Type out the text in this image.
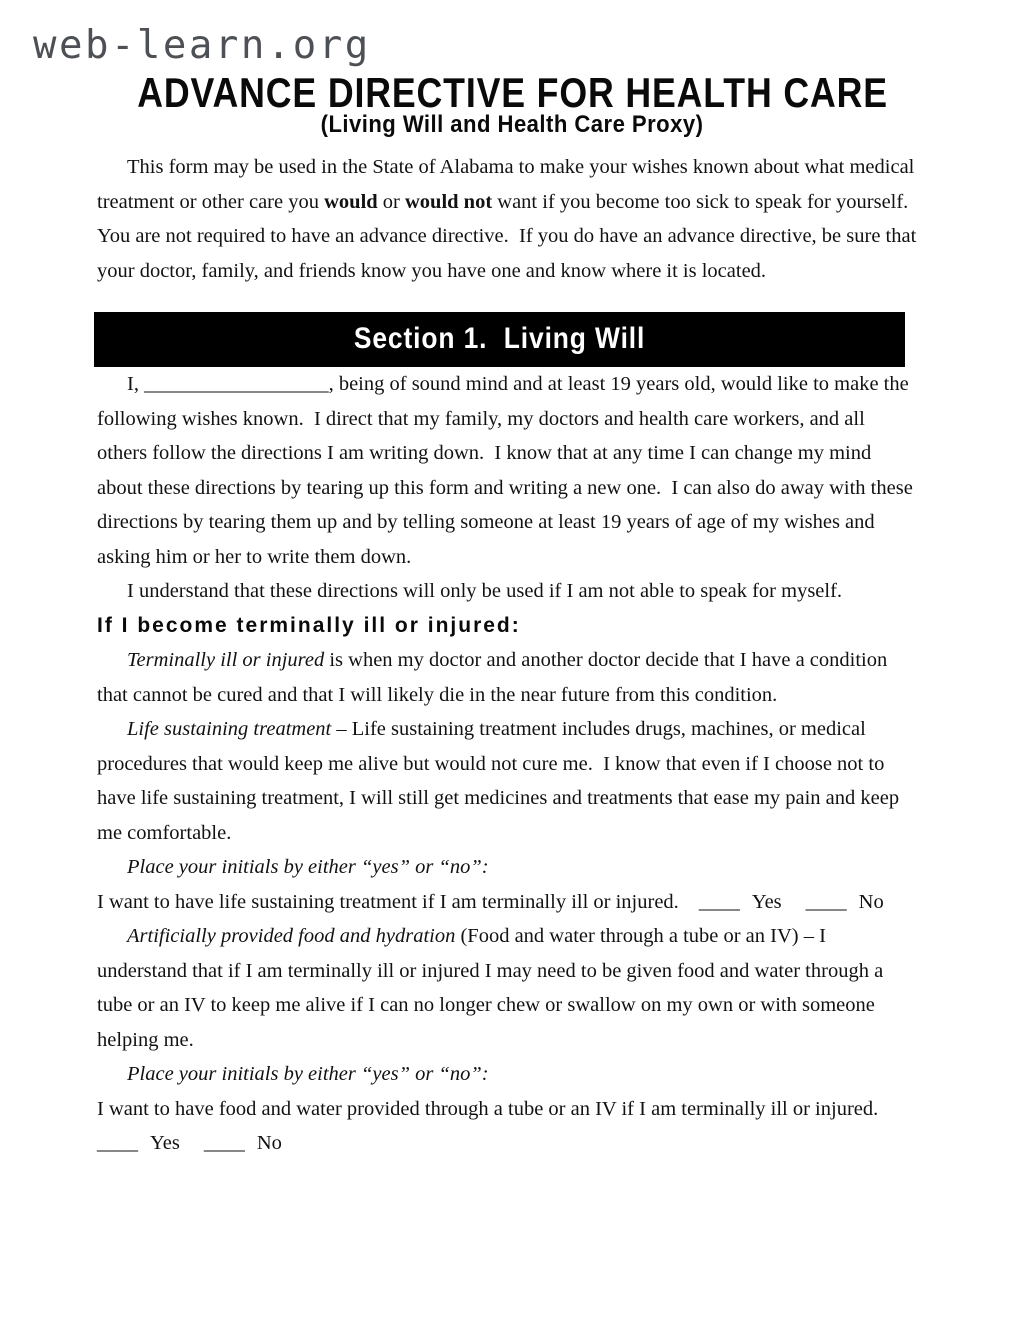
web-learn.org
ADVANCE DIRECTIVE FOR HEALTH CARE
(Living Will and Health Care Proxy)

This form may be used in the State of Alabama to make your wishes known about what medical treatment or other care you would or would not want if you become too sick to speak for yourself.  You are not required to have an advance directive.  If you do have an advance directive, be sure that your doctor, family, and friends know you have one and know where it is located.

Section 1.  Living Will

I, __________________, being of sound mind and at least 19 years old, would like to make the following wishes known.  I direct that my family, my doctors and health care workers, and all others follow the directions I am writing down.  I know that at any time I can change my mind about these directions by tearing up this form and writing a new one.  I can also do away with these directions by tearing them up and by telling someone at least 19 years of age of my wishes and asking him or her to write them down.

I understand that these directions will only be used if I am not able to speak for myself.

If I become terminally ill or injured:

Terminally ill or injured is when my doctor and another doctor decide that I have a condition that cannot be cured and that I will likely die in the near future from this condition.

Life sustaining treatment – Life sustaining treatment includes drugs, machines, or medical procedures that would keep me alive but would not cure me.  I know that even if I choose not to have life sustaining treatment, I will still get medicines and treatments that ease my pain and keep me comfortable.

Place your initials by either “yes” or “no”:

I want to have life sustaining treatment if I am terminally ill or injured. ____ Yes ____ No

Artificially provided food and hydration (Food and water through a tube or an IV) – I understand that if I am terminally ill or injured I may need to be given food and water through a tube or an IV to keep me alive if I can no longer chew or swallow on my own or with someone helping me.

Place your initials by either “yes” or “no”:

I want to have food and water provided through a tube or an IV if I am terminally ill or injured.

____ Yes ____ No
